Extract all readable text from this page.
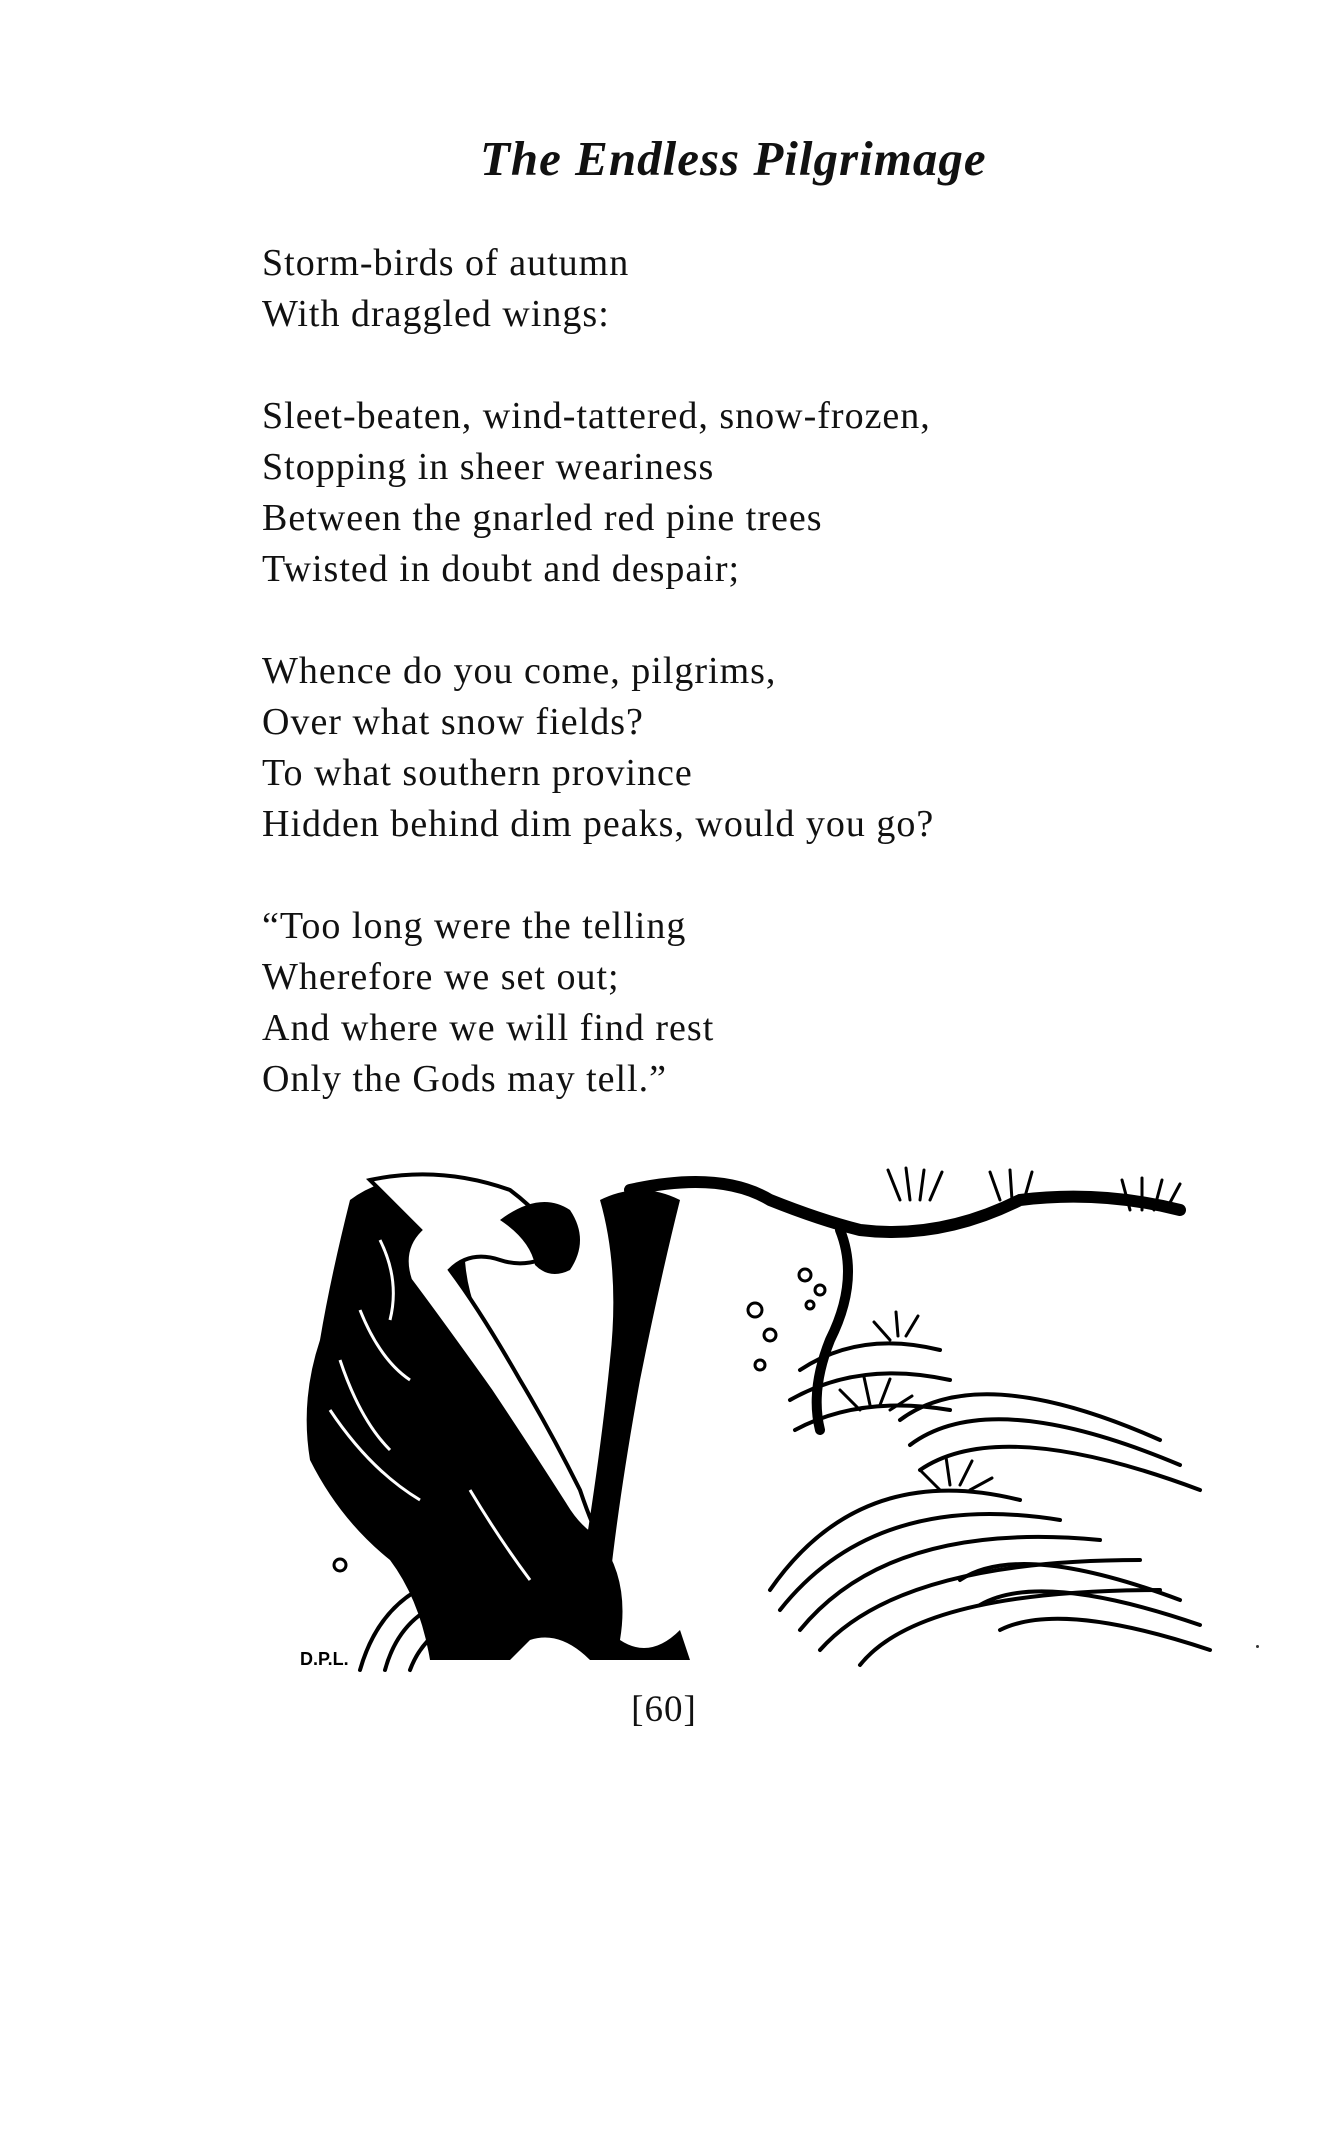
The Endless Pilgrimage
Storm-birds of autumn
With draggled wings:
Sleet-beaten, wind-tattered, snow-frozen,
Stopping in sheer weariness
Between the gnarled red pine trees
Twisted in doubt and despair;
Whence do you come, pilgrims,
Over what snow fields?
To what southern province
Hidden behind dim peaks, would you go?
“Too long were the telling
Wherefore we set out;
And where we will find rest
Only the Gods may tell.”
D.P.L.
[60]
